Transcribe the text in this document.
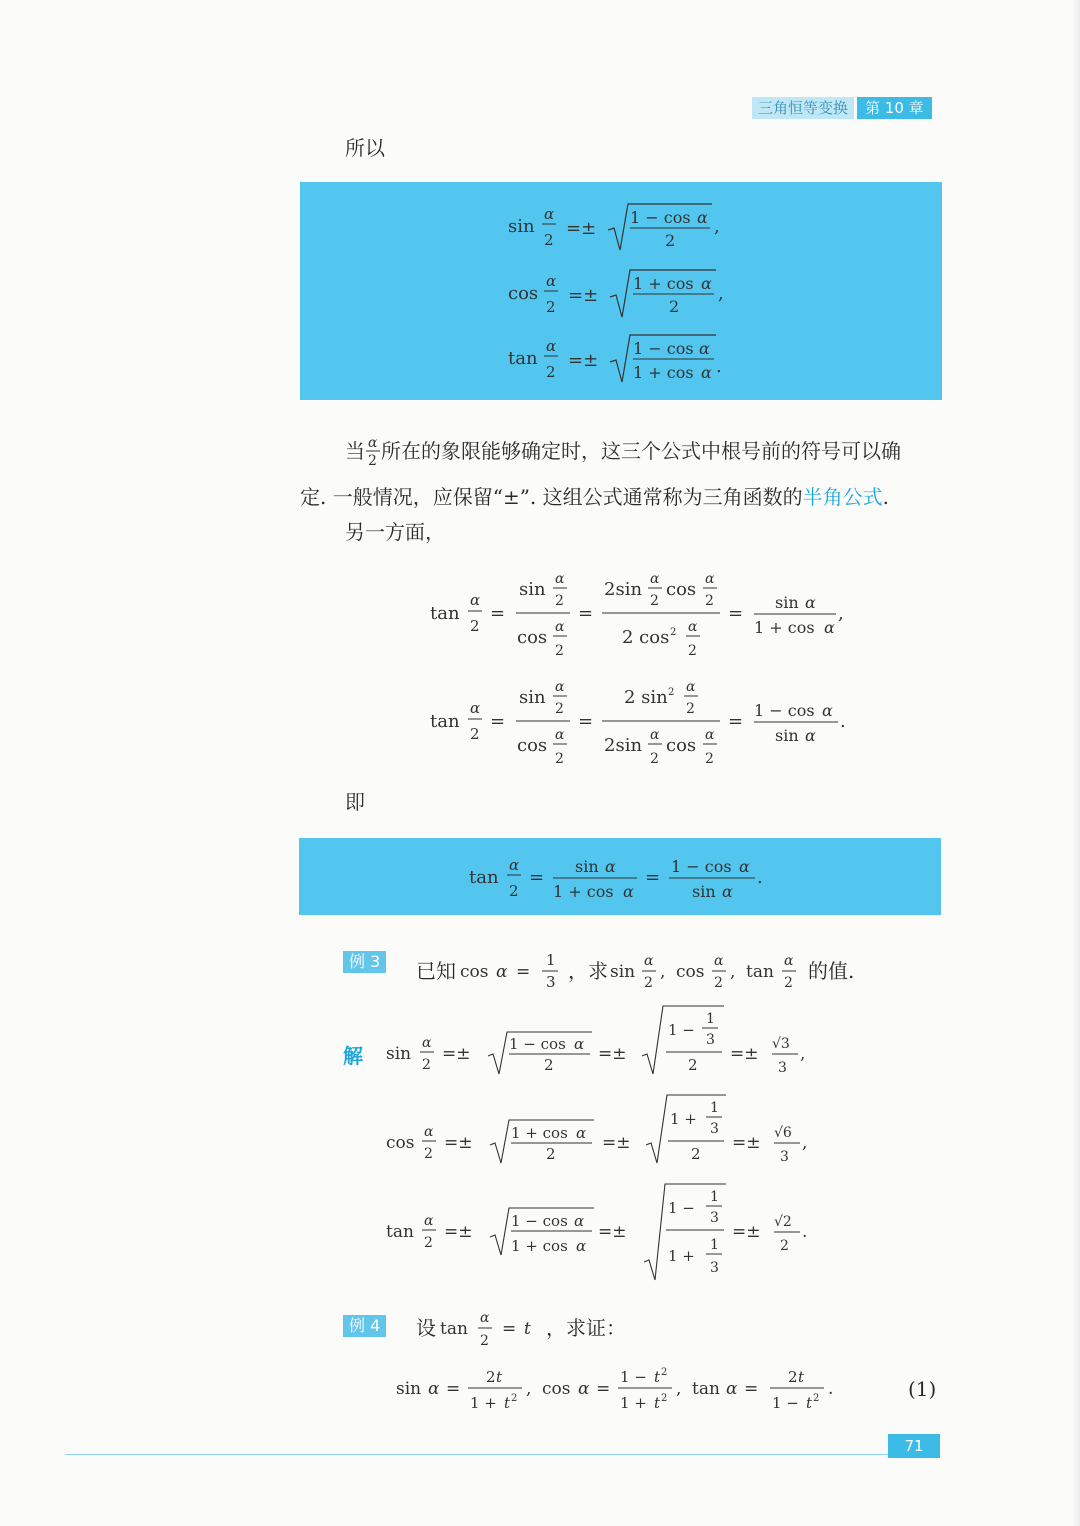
三角恒等变换	第 10 章
所以
sin
α
2
=±
1 − cos α
2
,
cos
α
2
=±
1 + cos α
2
,
tan
α
2
=±
1 − cos α
1 + cos α .
当 α
2 所在的象限能够确定时，这三个公式中根号前的符号可以确
定. 一般情况，应保留“±”. 这组公式通常称为三角函数的半角公式.
另一方面，
tan
α
2
=
sin α
2
cos α
2
=
2sin α
2
cos α
2
2 cos 2 α
2
=
sin α
1 + cos α
,
tan
α
2
=
sin α
2
cos α
2
=
2 sin 2 α
2
2sin α
2
cos α
2
=
1 − cos α
sin α
.
即
tan
α
2
=
sin α
1 + cos α
=
1 − cos α
sin α
.
例 3	已知 cos α =
1
3 ，求 sin
α
2
, cos
α
2
, tan
α
2 的值.
解 sin
α
2
=±	1 − cos α
2
=±
1 −
1
3
2
=± √3
3
,
cos
α
2
=±	1 + cos α
2
=±
1 +
1
3
2
=± √6
3
,
tan
α
2
=±
1 − cos α
1 + cos α
=±
1 −
1
3
1 +
1
3
=± √2
2
.
例 4	设 tan
α
2
= t ，求证：
sin α =
2 t
1 + t 2 , cos α =
1 − t 2
1 + t 2 , tan α =
2 t
1 − t 2 .	(1)
71
